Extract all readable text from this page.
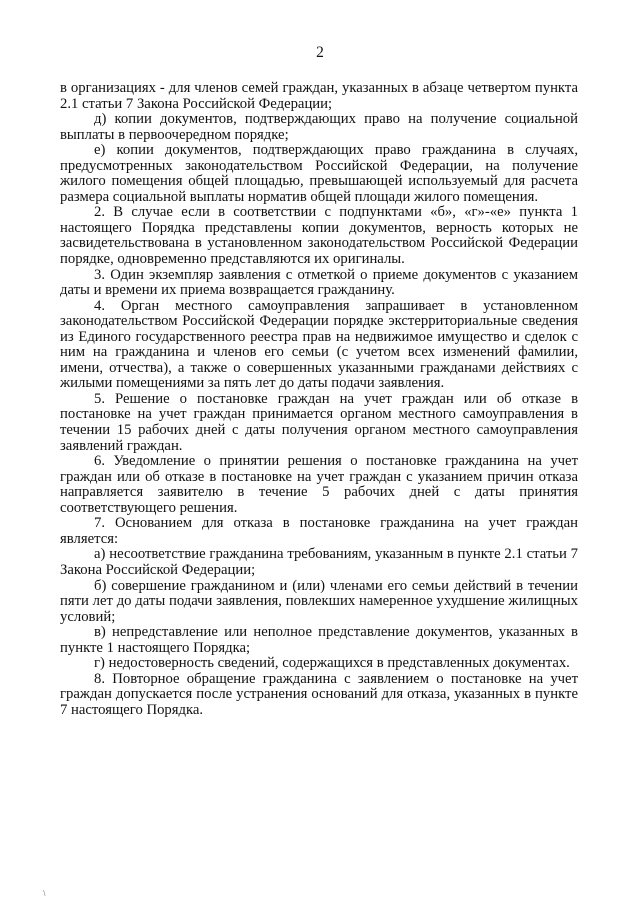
2

в организациях - для членов семей граждан, указанных в абзаце четвертом пункта 2.1 статьи 7 Закона Российской Федерации;

д) копии документов, подтверждающих право на получение социальной выплаты в первоочередном порядке;

е) копии документов, подтверждающих право гражданина в случаях, предусмотренных законодательством Российской Федерации, на получение жилого помещения общей площадью, превышающей используемый для расчета размера социальной выплаты норматив общей площади жилого помещения.

2. В случае если в соответствии с подпунктами «б», «г»-«е» пункта 1 настоящего Порядка представлены копии документов, верность которых не засвидетельствована в установленном законодательством Российской Федерации порядке, одновременно представляются их оригиналы.

3. Один экземпляр заявления с отметкой о приеме документов с указанием даты и времени их приема возвращается гражданину.

4. Орган местного самоуправления запрашивает в установленном законодательством Российской Федерации порядке экстерриториальные сведения из Единого государственного реестра прав на недвижимое имущество и сделок с ним на гражданина и членов его семьи (с учетом всех изменений фамилии, имени, отчества), а также о совершенных указанными гражданами действиях с жилыми помещениями за пять лет до даты подачи заявления.

5. Решение о постановке граждан на учет граждан или об отказе в постановке на учет граждан принимается органом местного самоуправления в течении 15 рабочих дней с даты получения органом местного самоуправления заявлений граждан.

6. Уведомление о принятии решения о постановке гражданина на учет граждан или об отказе в постановке на учет граждан с указанием причин отказа направляется заявителю в течение 5 рабочих дней с даты принятия соответствующего решения.

7. Основанием для отказа в постановке гражданина на учет граждан является:

а) несоответствие гражданина требованиям, указанным в пункте 2.1 статьи 7 Закона Российской Федерации;

б) совершение гражданином и (или) членами его семьи действий в течении пяти лет до даты подачи заявления, повлекших намеренное ухудшение жилищных условий;

в) непредставление или неполное представление документов, указанных в пункте 1 настоящего Порядка;

г) недостоверность сведений, содержащихся в представленных документах.

8. Повторное обращение гражданина с заявлением о постановке на учет граждан допускается после устранения оснований для отказа, указанных в пункте 7 настоящего Порядка.

/
